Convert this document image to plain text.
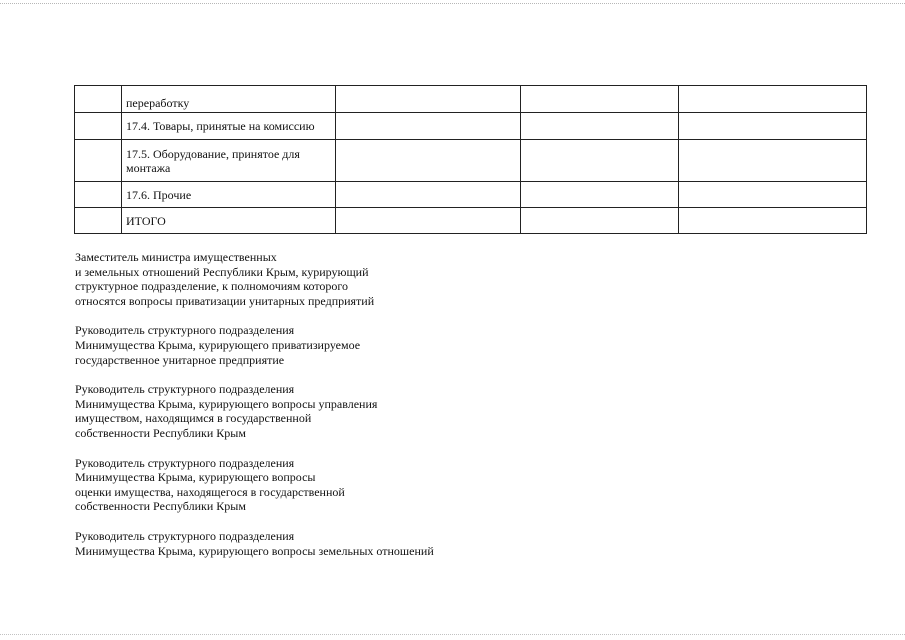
	переработку			

	17.4. Товары, принятые на комиссию			

	17.5. Оборудование, принятое для
монтажа			

	17.6. Прочие			

	ИТОГО			

Заместитель министра имущественных
и земельных отношений Республики Крым, курирующий
структурное подразделение, к полномочиям которого
относятся вопросы приватизации унитарных предприятий
Руководитель структурного подразделения
Минимущества Крыма, курирующего приватизируемое
государственное унитарное предприятие
Руководитель структурного подразделения
Минимущества Крыма, курирующего вопросы управления
имуществом, находящимся в государственной
собственности Республики Крым
Руководитель структурного подразделения
Минимущества Крыма, курирующего вопросы
оценки имущества, находящегося в государственной
собственности Республики Крым
Руководитель структурного подразделения
Минимущества Крыма, курирующего вопросы земельных отношений
